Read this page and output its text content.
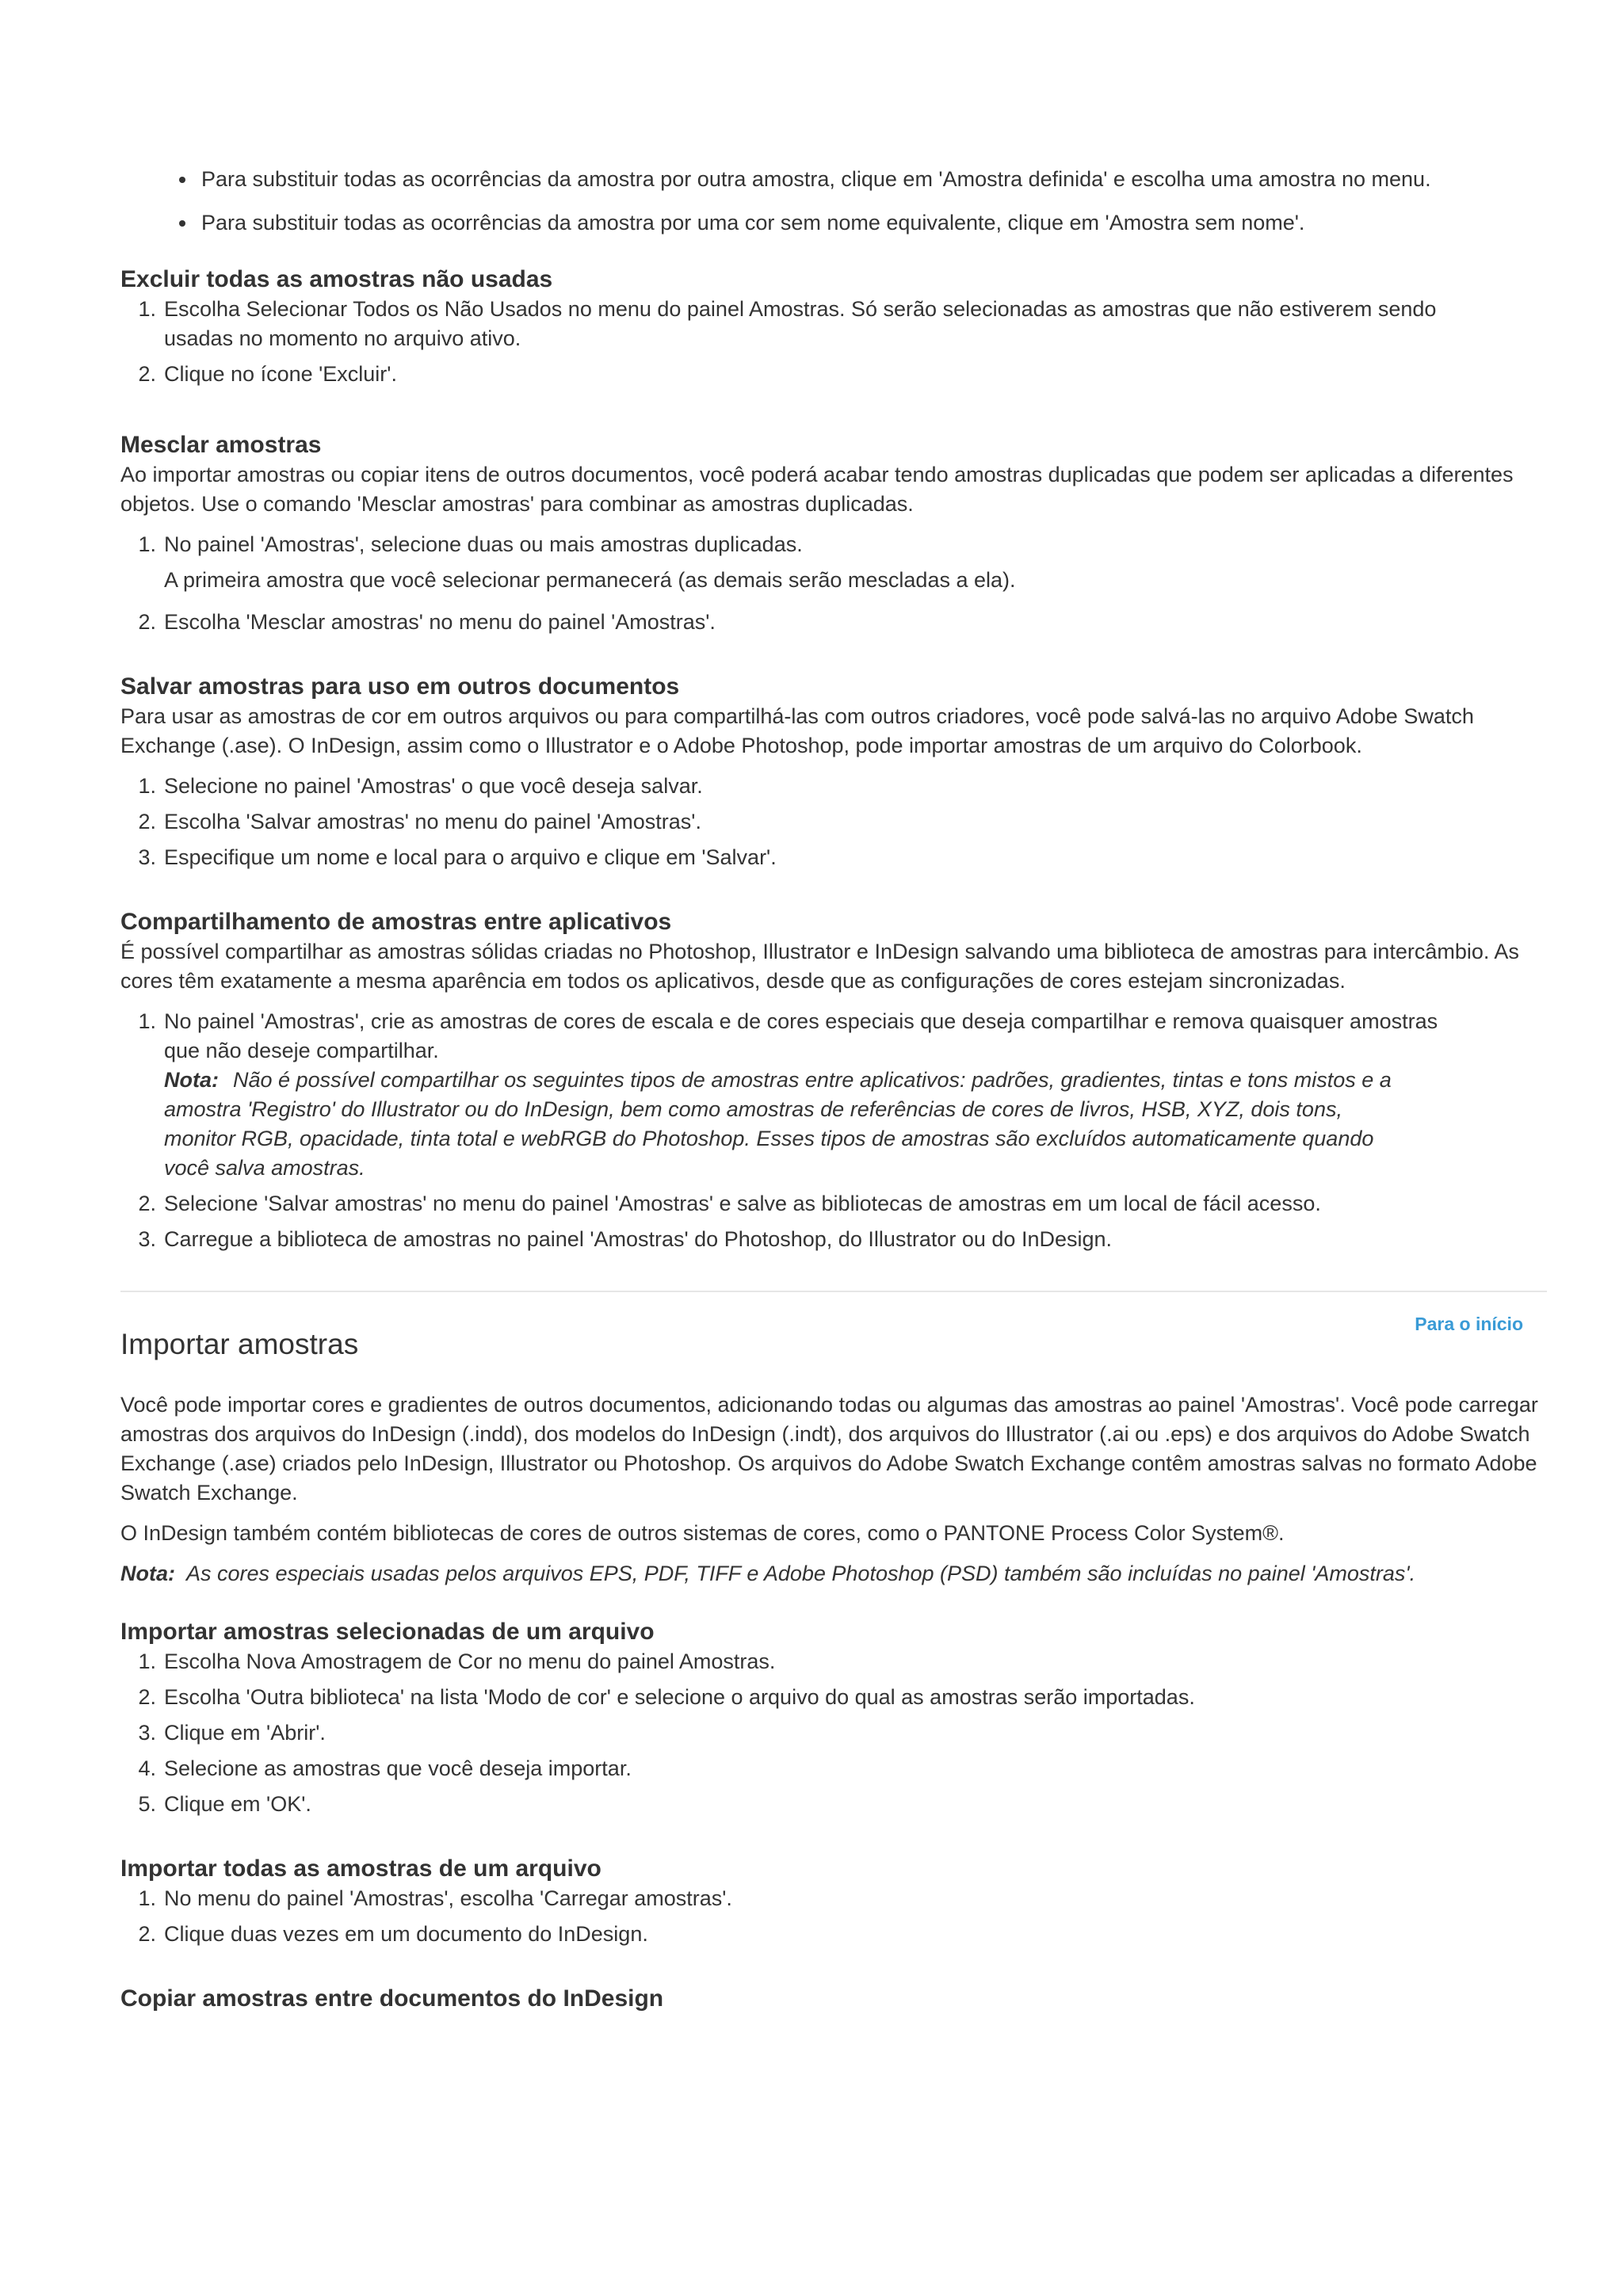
Para substituir todas as ocorrências da amostra por outra amostra, clique em 'Amostra definida' e escolha uma amostra no menu.
Para substituir todas as ocorrências da amostra por uma cor sem nome equivalente, clique em 'Amostra sem nome'.
Excluir todas as amostras não usadas
1. Escolha Selecionar Todos os Não Usados no menu do painel Amostras. Só serão selecionadas as amostras que não estiverem sendo usadas no momento no arquivo ativo.
2. Clique no ícone 'Excluir'.
Mesclar amostras

Ao importar amostras ou copiar itens de outros documentos, você poderá acabar tendo amostras duplicadas que podem ser aplicadas a diferentes objetos. Use o comando 'Mesclar amostras' para combinar as amostras duplicadas.

1. No painel 'Amostras', selecione duas ou mais amostras duplicadas.

A primeira amostra que você selecionar permanecerá (as demais serão mescladas a ela).

2. Escolha 'Mesclar amostras' no menu do painel 'Amostras'.
Salvar amostras para uso em outros documentos

Para usar as amostras de cor em outros arquivos ou para compartilhá-las com outros criadores, você pode salvá-las no arquivo Adobe Swatch Exchange (.ase). O InDesign, assim como o Illustrator e o Adobe Photoshop, pode importar amostras de um arquivo do Colorbook.

1. Selecione no painel 'Amostras' o que você deseja salvar.
2. Escolha 'Salvar amostras' no menu do painel 'Amostras'.
3. Especifique um nome e local para o arquivo e clique em 'Salvar'.
Compartilhamento de amostras entre aplicativos

É possível compartilhar as amostras sólidas criadas no Photoshop, Illustrator e InDesign salvando uma biblioteca de amostras para intercâmbio. As cores têm exatamente a mesma aparência em todos os aplicativos, desde que as configurações de cores estejam sincronizadas.

1. No painel 'Amostras', crie as amostras de cores de escala e de cores especiais que deseja compartilhar e remova quaisquer amostras que não deseje compartilhar.
Nota: Não é possível compartilhar os seguintes tipos de amostras entre aplicativos: padrões, gradientes, tintas e tons mistos e a amostra 'Registro' do Illustrator ou do InDesign, bem como amostras de referências de cores de livros, HSB, XYZ, dois tons, monitor RGB, opacidade, tinta total e webRGB do Photoshop. Esses tipos de amostras são excluídos automaticamente quando você salva amostras.
2. Selecione 'Salvar amostras' no menu do painel 'Amostras' e salve as bibliotecas de amostras em um local de fácil acesso.
3. Carregue a biblioteca de amostras no painel 'Amostras' do Photoshop, do Illustrator ou do InDesign.
Importar amostras
Para o início

Você pode importar cores e gradientes de outros documentos, adicionando todas ou algumas das amostras ao painel 'Amostras'. Você pode carregar amostras dos arquivos do InDesign (.indd), dos modelos do InDesign (.indt), dos arquivos do Illustrator (.ai ou .eps) e dos arquivos do Adobe Swatch Exchange (.ase) criados pelo InDesign, Illustrator ou Photoshop. Os arquivos do Adobe Swatch Exchange contêm amostras salvas no formato Adobe Swatch Exchange.

O InDesign também contém bibliotecas de cores de outros sistemas de cores, como o PANTONE Process Color System®.

Nota: As cores especiais usadas pelos arquivos EPS, PDF, TIFF e Adobe Photoshop (PSD) também são incluídas no painel 'Amostras'.

Importar amostras selecionadas de um arquivo
1. Escolha Nova Amostragem de Cor no menu do painel Amostras.
2. Escolha 'Outra biblioteca' na lista 'Modo de cor' e selecione o arquivo do qual as amostras serão importadas.
3. Clique em 'Abrir'.
4. Selecione as amostras que você deseja importar.
5. Clique em 'OK'.
Importar todas as amostras de um arquivo
1. No menu do painel 'Amostras', escolha 'Carregar amostras'.
2. Clique duas vezes em um documento do InDesign.
Copiar amostras entre documentos do InDesign
